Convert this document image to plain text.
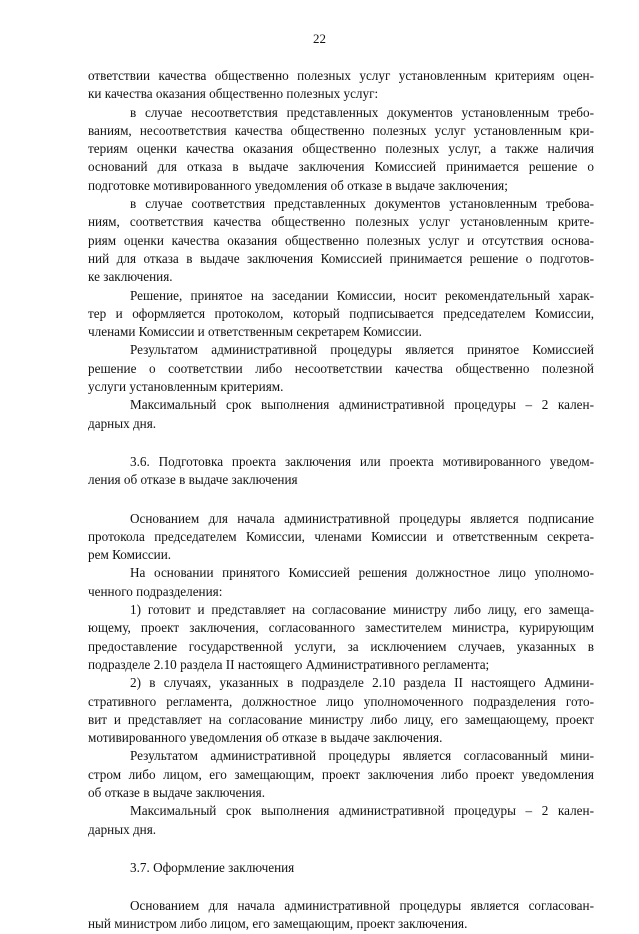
22
ответствии качества общественно полезных услуг установленным критериям оцен-
ки качества оказания общественно полезных услуг:
в случае несоответствия представленных документов установленным требо-
ваниям, несоответствия качества общественно полезных услуг установленным кри-
териям оценки качества оказания общественно полезных услуг, а также наличия
оснований для отказа в выдаче заключения Комиссией принимается решение о
подготовке мотивированного уведомления об отказе в выдаче заключения;
в случае соответствия представленных документов установленным требова-
ниям, соответствия качества общественно полезных услуг установленным крите-
риям оценки качества оказания общественно полезных услуг и отсутствия основа-
ний для отказа в выдаче заключения Комиссией принимается решение о подготов-
ке заключения.
Решение, принятое на заседании Комиссии, носит рекомендательный харак-
тер и оформляется протоколом, который подписывается председателем Комиссии,
членами Комиссии и ответственным секретарем Комиссии.
Результатом административной процедуры является принятое Комиссией
решение о соответствии либо несоответствии качества общественно полезной
услуги установленным критериям.
Максимальный срок выполнения административной процедуры – 2 кален-
дарных дня.
3.6. Подготовка проекта заключения или проекта мотивированного уведом-
ления об отказе в выдаче заключения
Основанием для начала административной процедуры является подписание
протокола председателем Комиссии, членами Комиссии и ответственным секрета-
рем Комиссии.
На основании принятого Комиссией решения должностное лицо уполномо-
ченного подразделения:
1) готовит и представляет на согласование министру либо лицу, его замеща-
ющему, проект заключения, согласованного заместителем министра, курирующим
предоставление государственной услуги, за исключением случаев, указанных в
подразделе 2.10 раздела II настоящего Административного регламента;
2) в случаях, указанных в подразделе 2.10 раздела II настоящего Админи-
стративного регламента, должностное лицо уполномоченного подразделения гото-
вит и представляет на согласование министру либо лицу, его замещающему, проект
мотивированного уведомления об отказе в выдаче заключения.
Результатом административной процедуры является согласованный мини-
стром либо лицом, его замещающим, проект заключения либо проект уведомления
об отказе в выдаче заключения.
Максимальный срок выполнения административной процедуры – 2 кален-
дарных дня.
3.7. Оформление заключения
Основанием для начала административной процедуры является согласован-
ный министром либо лицом, его замещающим, проект заключения.
